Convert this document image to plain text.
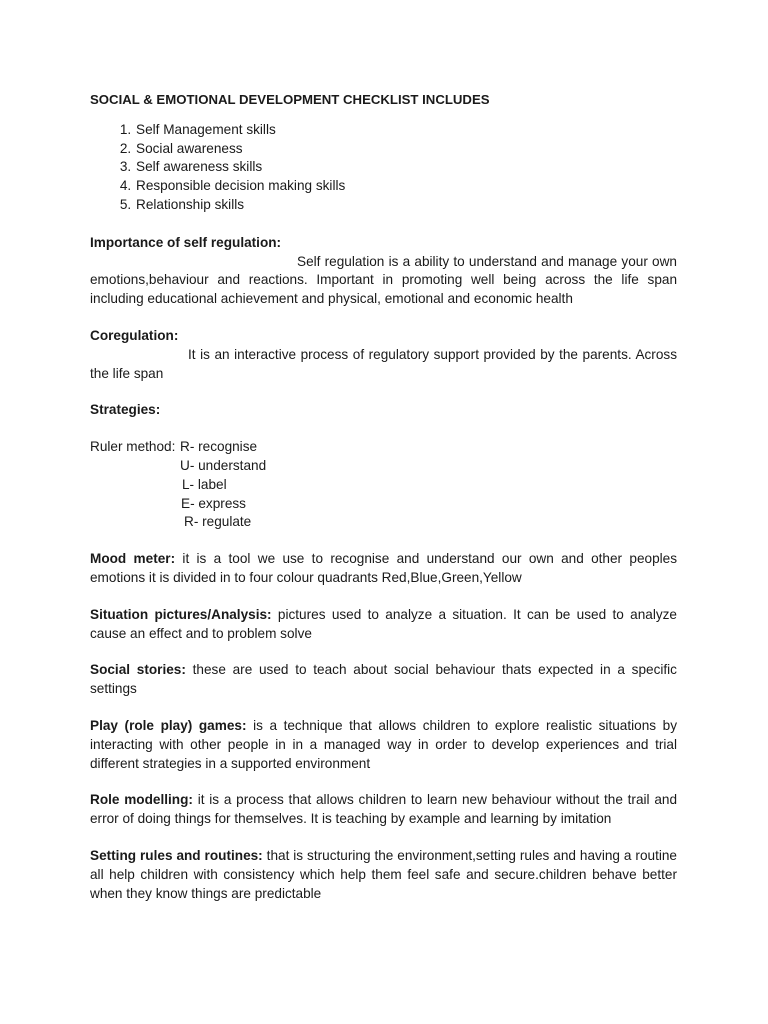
SOCIAL & EMOTIONAL DEVELOPMENT CHECKLIST INCLUDES
1. Self Management skills
2. Social awareness
3. Self awareness skills
4. Responsible decision making skills
5. Relationship skills
Importance of self regulation:
Self regulation is a ability to understand and manage your own emotions,behaviour and reactions. Important in promoting well being across the life span including educational achievement and physical, emotional and economic health
Coregulation:
It is an interactive process of regulatory support provided by the parents. Across the life span
Strategies:
Ruler method: R- recognise
U- understand
L- label
E- express
R- regulate
Mood meter: it is a tool we use to recognise and understand our own and other peoples emotions it is divided in to four colour quadrants Red,Blue,Green,Yellow
Situation pictures/Analysis: pictures used to analyze a situation. It can be used to analyze cause an effect and to problem solve
Social stories: these are used to teach about social behaviour thats expected in a specific settings
Play (role play) games: is a technique that allows children to explore realistic situations by interacting with other people in in a managed way in order to develop experiences and trial different strategies in a supported environment
Role modelling: it is a process that allows children to learn new behaviour without the trail and error of doing things for themselves. It is teaching by example and learning by imitation
Setting rules and routines: that is structuring the environment,setting rules and having a routine all help children with consistency which help them feel safe and secure.children behave better when they know things are predictable
